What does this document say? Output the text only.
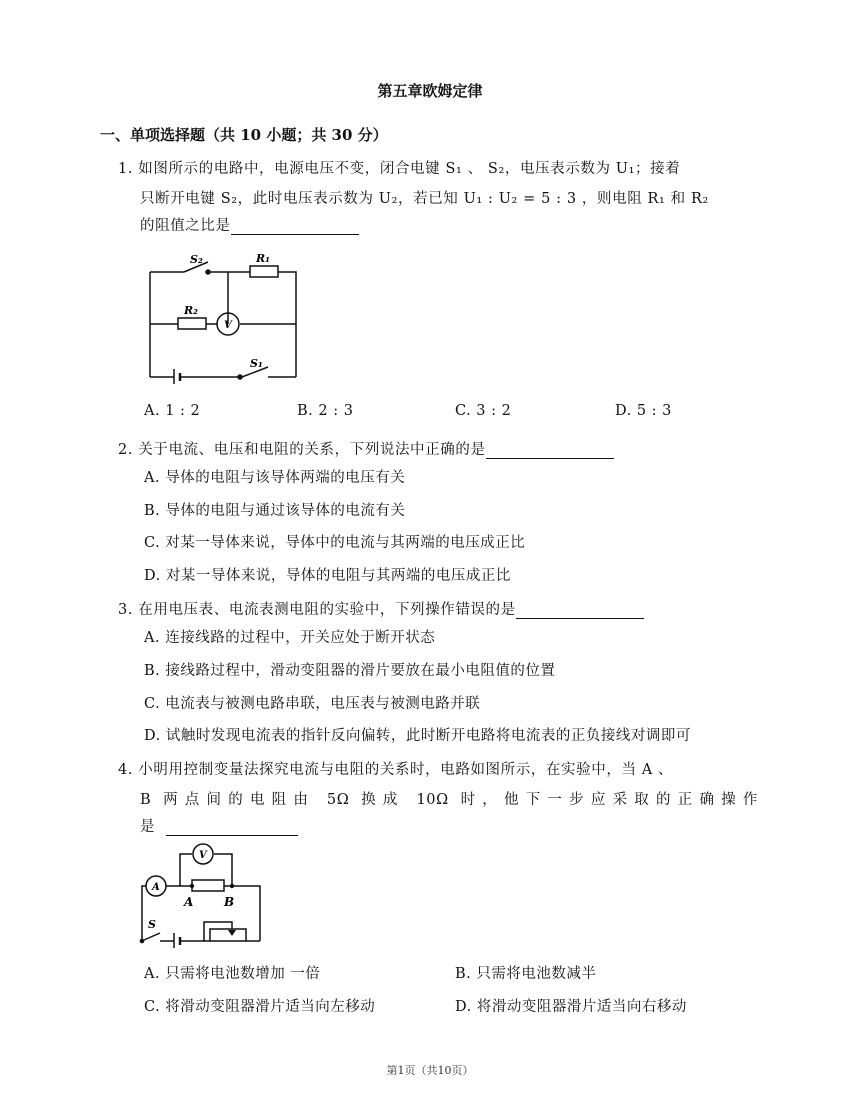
第五章欧姆定律
一、单项选择题（共 10 小题；共 30 分）
1. 如图所示的电路中，电源电压不变，闭合电键 S₁ 、 S₂，电压表示数为 U₁；接着
只断开电键 S₂，此时电压表示数为 U₂，若已知 U₁ : U₂ = 5 : 3 ，则电阻 R₁ 和 R₂
的阻值之比是
S₂	R₁
R₂
V
S₁
A. 1 : 2	B. 2 : 3	C. 3 : 2	D. 5 : 3
2. 关于电流、电压和电阻的关系，下列说法中正确的是
A. 导体的电阻与该导体两端的电压有关
B. 导体的电阻与通过该导体的电流有关
C. 对某一导体来说，导体中的电流与其两端的电压成正比
D. 对某一导体来说，导体的电阻与其两端的电压成正比
3. 在用电压表、电流表测电阻的实验中，下列操作错误的是
A. 连接线路的过程中，开关应处于断开状态
B. 接线路过程中，滑动变阻器的滑片要放在最小电阻值的位置
C. 电流表与被测电路串联，电压表与被测电路并联
D. 试触时发现电流表的指针反向偏转，此时断开电路将电流表的正负接线对调即可
4. 小明用控制变量法探究电流与电阻的关系时，电路如图所示，在实验中，当 A 、
B 两点间的电阻由 5Ω 换成 10Ω 时，他下一步应采取的正确操作
是
V
A
A	B
S
A. 只需将电池数增加 一倍	B. 只需将电池数减半
C. 将滑动变阻器滑片适当向左移动	D. 将滑动变阻器滑片适当向右移动
第1页（共10页）
